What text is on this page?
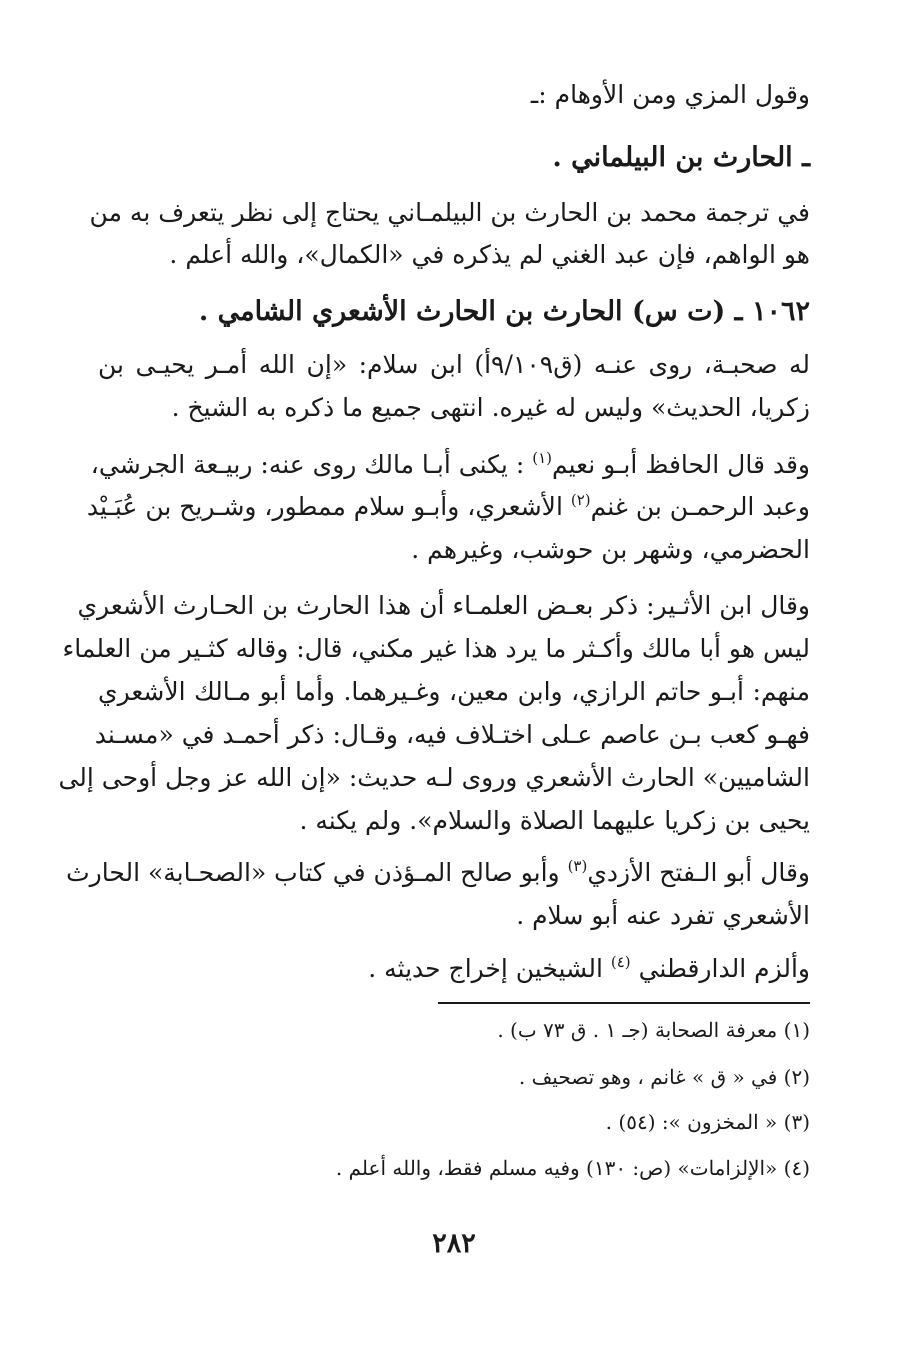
وقول المزي ومن الأوهام :ـ
ـ الحارث بن البيلماني .
في ترجمة محمد بن الحارث بن البيلمـاني يحتاج إلى نظر يتعرف به من
هو الواهم، فإن عبد الغني لم يذكره في «الكمال»، والله أعلم .
١٠٦٢ ـ (ت س) الحارث بن الحارث الأشعري الشامي .
له صحبـة، روى عنـه (ق٩/١٠٩أ) ابن سلام: «إن الله أمـر يحيـى بن
زكريا، الحديث» وليس له غيره. انتهى جميع ما ذكره به الشيخ .
وقد قال الحافظ أبـو نعيم$^{(١)}$ : يكنى أبـا مالك روى عنه: ربيـعة الجرشي،
وعبد الرحمـن بن غنم$^{(٢)}$ الأشعري، وأبـو سلام ممطور، وشـريح بن عُبَـيْد
الحضرمي، وشهر بن حوشب، وغيرهم .
وقال ابن الأثـير: ذكر بعـض العلمـاء أن هذا الحارث بن الحـارث الأشعري
ليس هو أبا مالك وأكـثر ما يرد هذا غير مكني، قال: وقاله كثـير من العلماء
منهم: أبـو حاتم الرازي، وابن معين، وغـيرهما. وأما أبو مـالك الأشعري
فهـو كعب بـن عاصم عـلى اختـلاف فيه، وقـال: ذكر أحمـد في «مسـند
الشاميين» الحارث الأشعري وروى لـه حديث: «إن الله عز وجل أوحى إلى
يحيى بن زكريا عليهما الصلاة والسلام». ولم يكنه .
وقال أبو الـفتح الأزدي$^{(٣)}$ وأبو صالح المـؤذن في كتاب «الصحـابة» الحارث
الأشعري تفرد عنه أبو سلام .
وألزم الدارقطني $^{(٤)}$ الشيخين إخراج حديثه .
(١) معرفة الصحابة (جـ ١ . ق ٧٣ ب) .
(٢) في « ق » غانم ، وهو تصحيف .
(٣) « المخزون »: (٥٤) .
(٤) «الإلزامات» (ص: ١٣٠) وفيه مسلم فقط، والله أعلم .
٢٨٢
